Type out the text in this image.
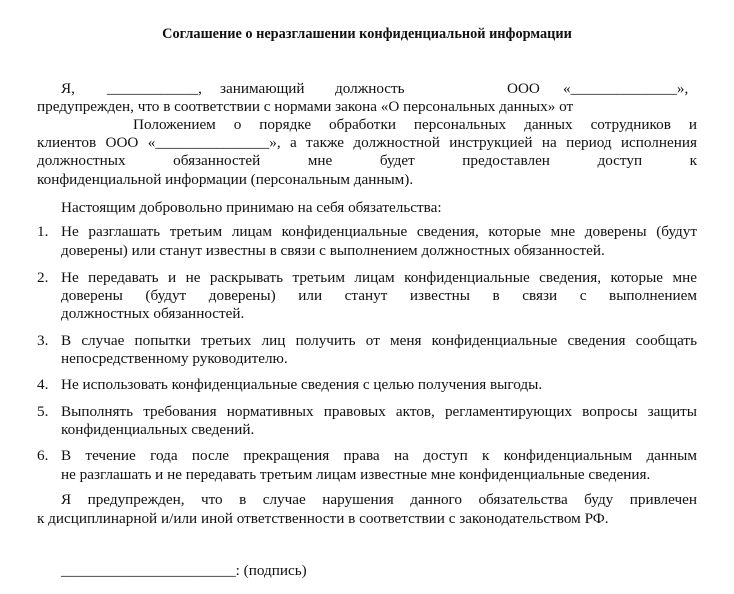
Соглашение о неразглашении конфиденциальной информации
Я, ____________, занимающий должность	ООО «______________»,
предупрежден, что в соответствии с нормами закона «О персональных данных» от
Положением о порядке обработки персональных данных сотрудников и
клиентов ООО «_______________», а также должностной инструкцией на период исполнения
должностных обязанностей мне будет предоставлен доступ к
конфиденциальной информации (персональным данным).
Настоящим добровольно принимаю на себя обязательства:
1. Не разглашать третьим лицам конфиденциальные сведения, которые мне доверены (будут
доверены) или станут известны в связи с выполнением должностных обязанностей.
2. Не передавать и не раскрывать третьим лицам конфиденциальные сведения, которые мне
доверены (будут доверены) или станут известны в связи с выполнением
должностных обязанностей.
3. В случае попытки третьих лиц получить от меня конфиденциальные сведения сообщать
непосредственному руководителю.
4. Не использовать конфиденциальные сведения с целью получения выгоды.
5. Выполнять требования нормативных правовых актов, регламентирующих вопросы защиты
конфиденциальных сведений.
6. В течение года после прекращения права на доступ к конфиденциальным данным
не разглашать и не передавать третьим лицам известные мне конфиденциальные сведения.
Я предупрежден, что в случае нарушения данного обязательства буду привлечен
к дисциплинарной и/или иной ответственности в соответствии с законодательством РФ.
_______________________: (подпись)
